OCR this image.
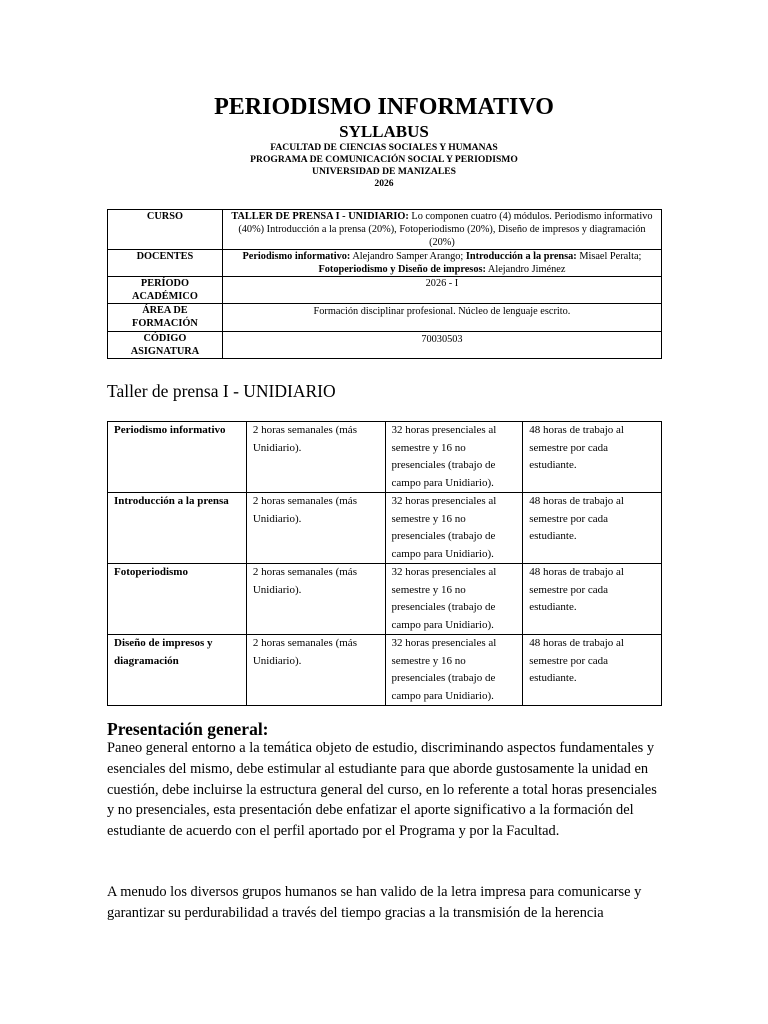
PERIODISMO INFORMATIVO
SYLLABUS
FACULTAD DE CIENCIAS SOCIALES Y HUMANAS
PROGRAMA DE COMUNICACIÓN SOCIAL Y PERIODISMO
UNIVERSIDAD DE MANIZALES
2026
CURSO	TALLER DE PRENSA I - UNIDIARIO: Lo componen cuatro (4) módulos. Periodismo informativo (40%) Introducción a la prensa (20%), Fotoperiodismo (20%), Diseño de impresos y diagramación (20%)
DOCENTES	Periodismo informativo: Alejandro Samper Arango; Introducción a la prensa: Misael Peralta; Fotoperiodismo y Diseño de impresos: Alejandro Jiménez
PERÍODO ACADÉMICO	2026 - I
ÁREA DE FORMACIÓN	Formación disciplinar profesional. Núcleo de lenguaje escrito.

CÓDIGO ASIGNATURA	70030503
Taller de prensa I - UNIDIARIO
Periodismo informativo	2 horas semanales (más Unidiario).	32 horas presenciales al semestre y 16 no presenciales (trabajo de campo para Unidiario).	48 horas de trabajo al semestre por cada estudiante.
Introducción a la prensa	2 horas semanales (más Unidiario).	32 horas presenciales al semestre y 16 no presenciales (trabajo de campo para Unidiario).	48 horas de trabajo al semestre por cada estudiante.
Fotoperiodismo	2 horas semanales (más Unidiario).	32 horas presenciales al semestre y 16 no presenciales (trabajo de campo para Unidiario).	48 horas de trabajo al semestre por cada estudiante.
Diseño de impresos y diagramación	2 horas semanales (más Unidiario).	32 horas presenciales al semestre y 16 no presenciales (trabajo de campo para Unidiario).	48 horas de trabajo al semestre por cada estudiante.
Presentación general:
Paneo general entorno a la temática objeto de estudio, discriminando aspectos fundamentales y esenciales del mismo, debe estimular al estudiante para que aborde gustosamente la unidad en cuestión, debe incluirse la estructura general del curso, en lo referente a total horas presenciales y no presenciales, esta presentación debe enfatizar el aporte significativo a la formación del estudiante de acuerdo con el perfil aportado por el Programa y por la Facultad.
A menudo los diversos grupos humanos se han valido de la letra impresa para comunicarse y garantizar su perdurabilidad a través del tiempo gracias a la transmisión de la herencia
